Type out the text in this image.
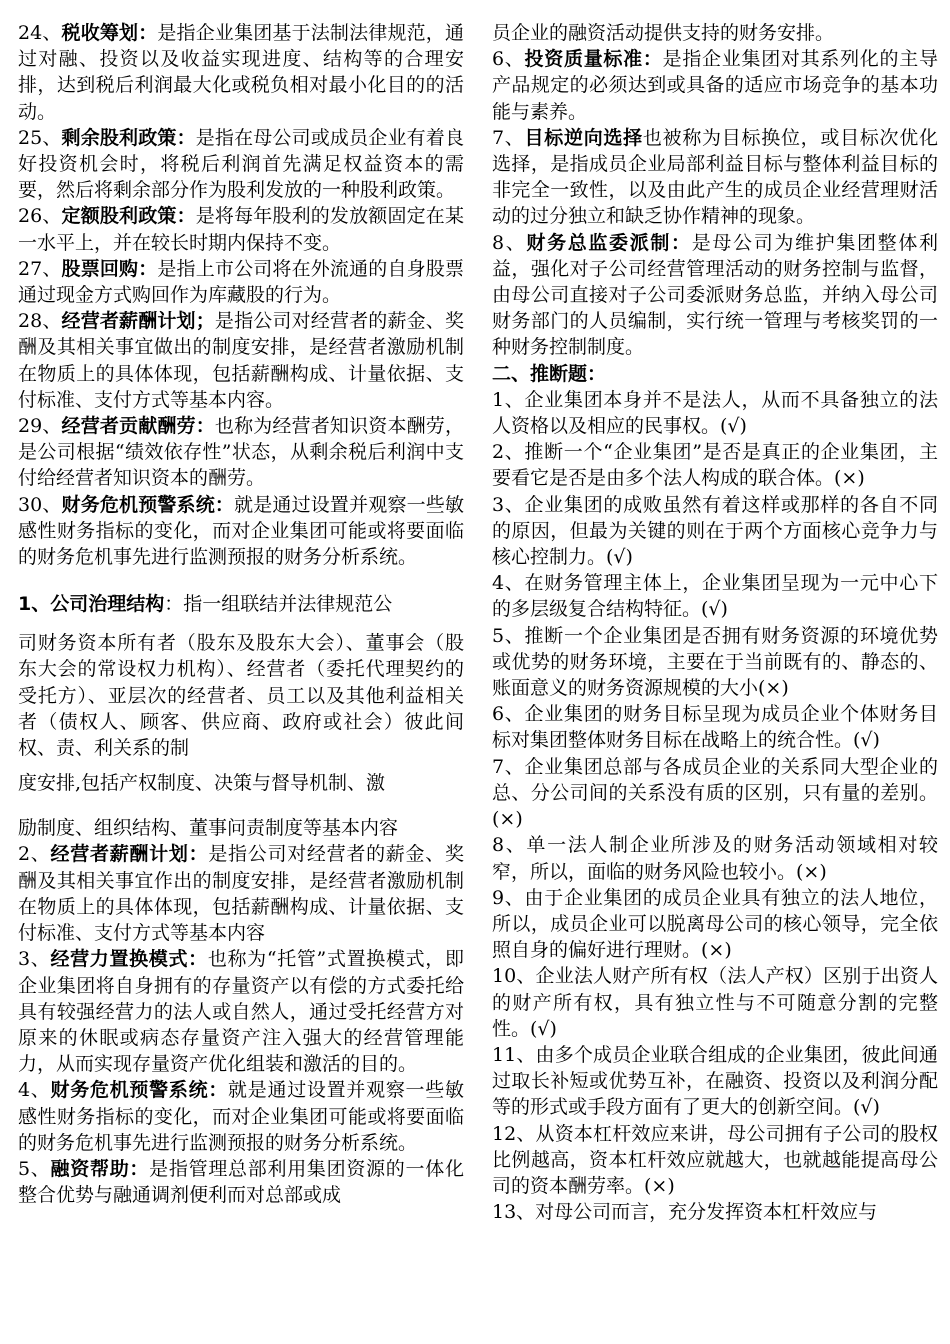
24、税收筹划：是指企业集团基于法制法律规范，通过对融、投资以及收益实现进度、结构等的合理安排，达到税后利润最大化或税负相对最小化目的的活动。

25、剩余股利政策：是指在母公司或成员企业有着良好投资机会时，将税后利润首先满足权益资本的需要，然后将剩余部分作为股利发放的一种股利政策。

26、定额股利政策：是将每年股利的发放额固定在某一水平上，并在较长时期内保持不变。

27、股票回购：是指上市公司将在外流通的自身股票通过现金方式购回作为库藏股的行为。

28、经营者薪酬计划；是指公司对经营者的薪金、奖酬及其相关事宜做出的制度安排，是经营者激励机制在物质上的具体体现，包括薪酬构成、计量依据、支付标准、支付方式等基本内容。

29、经营者贡献酬劳：也称为经营者知识资本酬劳，是公司根据“绩效依存性”状态，从剩余税后利润中支付给经营者知识资本的酬劳。

30、财务危机预警系统：就是通过设置并观察一些敏感性财务指标的变化，而对企业集团可能或将要面临的财务危机事先进行监测预报的财务分析系统。

1、公司治理结构：指一组联结并法律规范公

司财务资本所有者（股东及股东大会）、董事会（股东大会的常设权力机构）、经营者（委托代理契约的受托方）、亚层次的经营者、员工以及其他利益相关者（债权人、顾客、供应商、政府或社会）彼此间权、责、利关系的制

度安排,包括产权制度、决策与督导机制、激

励制度、组织结构、董事问责制度等基本内容

2、经营者薪酬计划：是指公司对经营者的薪金、奖酬及其相关事宜作出的制度安排，是经营者激励机制在物质上的具体体现，包括薪酬构成、计量依据、支付标准、支付方式等基本内容

3、经营力置换模式：也称为“托管”式置换模式，即企业集团将自身拥有的存量资产以有偿的方式委托给具有较强经营力的法人或自然人，通过受托经营方对原来的休眠或病态存量资产注入强大的经营管理能力，从而实现存量资产优化组装和激活的目的。

4、财务危机预警系统：就是通过设置并观察一些敏感性财务指标的变化，而对企业集团可能或将要面临的财务危机事先进行监测预报的财务分析系统。

5、融资帮助：是指管理总部利用集团资源的一体化整合优势与融通调剂便利而对总部或成

员企业的融资活动提供支持的财务安排。

6、投资质量标准：是指企业集团对其系列化的主导产品规定的必须达到或具备的适应市场竞争的基本功能与素养。

7、目标逆向选择也被称为目标换位，或目标次优化选择，是指成员企业局部利益目标与整体利益目标的非完全一致性，以及由此产生的成员企业经营理财活动的过分独立和缺乏协作精神的现象。

8、财务总监委派制：是母公司为维护集团整体利益，强化对子公司经营管理活动的财务控制与监督，由母公司直接对子公司委派财务总监，并纳入母公司财务部门的人员编制，实行统一管理与考核奖罚的一种财务控制制度。

二、推断题：

1、企业集团本身并不是法人，从而不具备独立的法人资格以及相应的民事权。(√)

2、推断一个“企业集团”是否是真正的企业集团，主要看它是否是由多个法人构成的联合体。(×)

3、企业集团的成败虽然有着这样或那样的各自不同的原因，但最为关键的则在于两个方面核心竞争力与核心控制力。(√)

4、在财务管理主体上，企业集团呈现为一元中心下的多层级复合结构特征。(√)

5、推断一个企业集团是否拥有财务资源的环境优势或优势的财务环境，主要在于当前既有的、静态的、账面意义的财务资源规模的大小(×)

6、企业集团的财务目标呈现为成员企业个体财务目标对集团整体财务目标在战略上的统合性。(√)

7、企业集团总部与各成员企业的关系同大型企业的总、分公司间的关系没有质的区别，只有量的差别。(×)

8、单一法人制企业所涉及的财务活动领域相对较窄，所以，面临的财务风险也较小。(×)

9、由于企业集团的成员企业具有独立的法人地位，所以，成员企业可以脱离母公司的核心领导，完全依照自身的偏好进行理财。(×)

10、企业法人财产所有权（法人产权）区别于出资人的财产所有权，具有独立性与不可随意分割的完整性。(√)

11、由多个成员企业联合组成的企业集团，彼此间通过取长补短或优势互补，在融资、投资以及利润分配等的形式或手段方面有了更大的创新空间。(√)

12、从资本杠杆效应来讲，母公司拥有子公司的股权比例越高，资本杠杆效应就越大，也就越能提高母公司的资本酬劳率。(×)

13、对母公司而言，充分发挥资本杠杆效应与
